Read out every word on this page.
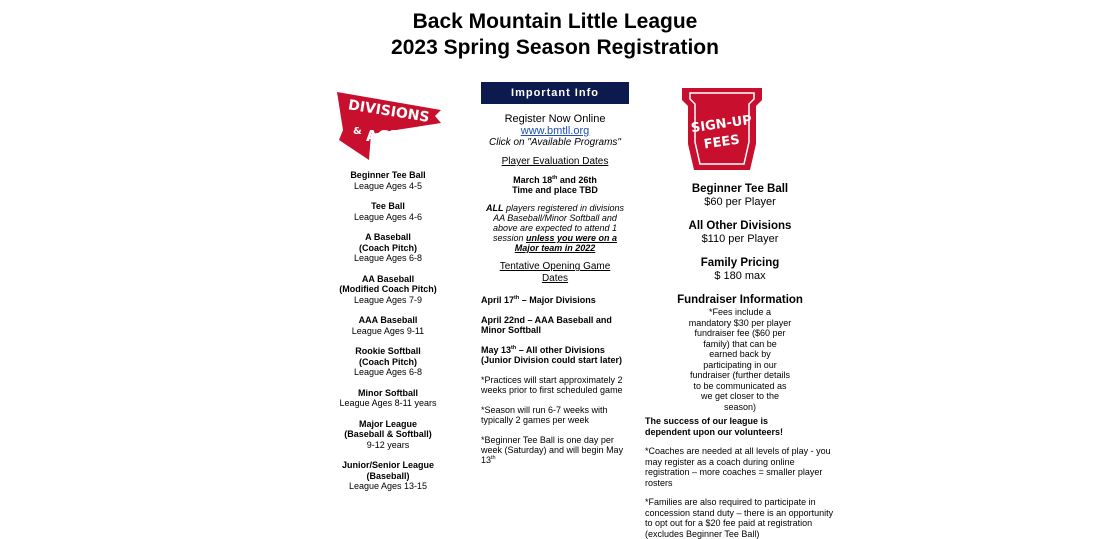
Back Mountain Little League
2023 Spring Season Registration
DIVISIONS
& AGES
Beginner Tee Ball
League Ages 4-5
Tee Ball
League Ages 4-6
A Baseball
(Coach Pitch)
League Ages 6-8
AA Baseball
(Modified Coach Pitch)
League Ages 7-9
AAA Baseball
League Ages 9-11
Rookie Softball
(Coach Pitch)
League Ages 6-8
Minor Softball
League Ages 8-11 years
Major League
(Baseball & Softball)
9-12 years
Junior/Senior League
(Baseball)
League Ages 13-15
Important Info
Register Now Online
www.bmtll.org
Click on "Available Programs"
Player Evaluation Dates
March 18th and 26th
Time and place TBD
ALL players registered in divisions AA Baseball/Minor Softball and above are expected to attend 1 session unless you were on a Major team in 2022
Tentative Opening Game Dates
April 17th – Major Divisions
April 22nd – AAA Baseball and Minor Softball
May 13th – All other Divisions (Junior Division could start later)
*Practices will start approximately 2 weeks prior to first scheduled game
*Season will run 6-7 weeks with typically 2 games per week
*Beginner Tee Ball is one day per week (Saturday) and will begin May 13th
SIGN-UP
FEES

Beginner Tee Ball

$60 per Player

All Other Divisions

$110 per Player

Family Pricing

$ 180 max

Fundraiser Information

*Fees include a mandatory $30 per player fundraiser fee ($60 per family) that can be earned back by participating in our fundraiser (further details to be communicated as we get closer to the season)

The success of our league is dependent upon our volunteers!

*Coaches are needed at all levels of play - you may register as a coach during online registration – more coaches = smaller player rosters

*Families are also required to participate in concession stand duty – there is an opportunity to opt out for a $20 fee paid at registration (excludes Beginner Tee Ball)
